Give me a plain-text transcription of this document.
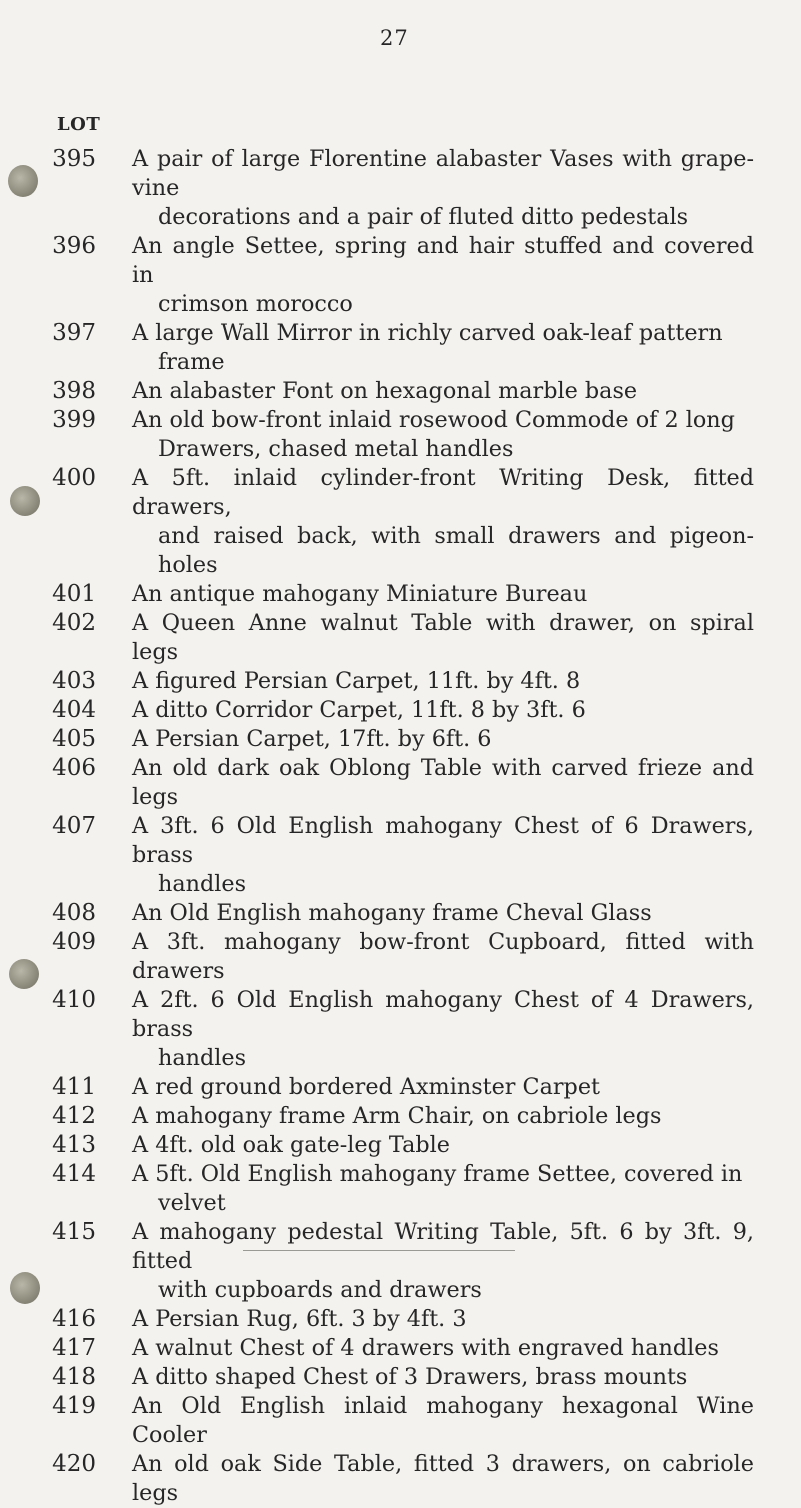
27
LOT
395	A pair of large Florentine alabaster Vases with grape-vine
decorations and a pair of fluted ditto pedestals
396	An angle Settee, spring and hair stuffed and covered in
crimson morocco
397	A large Wall Mirror in richly carved oak-leaf pattern
frame
398	An alabaster Font on hexagonal marble base
399	An old bow-front inlaid rosewood Commode of 2 long
Drawers, chased metal handles
400	A 5ft. inlaid cylinder-front Writing Desk, fitted drawers,
and raised back, with small drawers and pigeon-holes
401	An antique mahogany Miniature Bureau
402	A Queen Anne walnut Table with drawer, on spiral legs
403	A figured Persian Carpet, 11ft. by 4ft. 8
404	A ditto Corridor Carpet, 11ft. 8 by 3ft. 6
405	A Persian Carpet, 17ft. by 6ft. 6
406	An old dark oak Oblong Table with carved frieze and legs
407	A 3ft. 6 Old English mahogany Chest of 6 Drawers, brass
handles
408	An Old English mahogany frame Cheval Glass
409	A 3ft. mahogany bow-front Cupboard, fitted with drawers
410	A 2ft. 6 Old English mahogany Chest of 4 Drawers, brass
handles
411	A red ground bordered Axminster Carpet
412	A mahogany frame Arm Chair, on cabriole legs
413	A 4ft. old oak gate-leg Table
414	A 5ft. Old English mahogany frame Settee, covered in
velvet
415	A mahogany pedestal Writing Table, 5ft. 6 by 3ft. 9, fitted
with cupboards and drawers
416	A Persian Rug, 6ft. 3 by 4ft. 3
417	A walnut Chest of 4 drawers with engraved handles
418	A ditto shaped Chest of 3 Drawers, brass mounts
419	An Old English inlaid mahogany hexagonal Wine Cooler
420	An old oak Side Table, fitted 3 drawers, on cabriole legs
